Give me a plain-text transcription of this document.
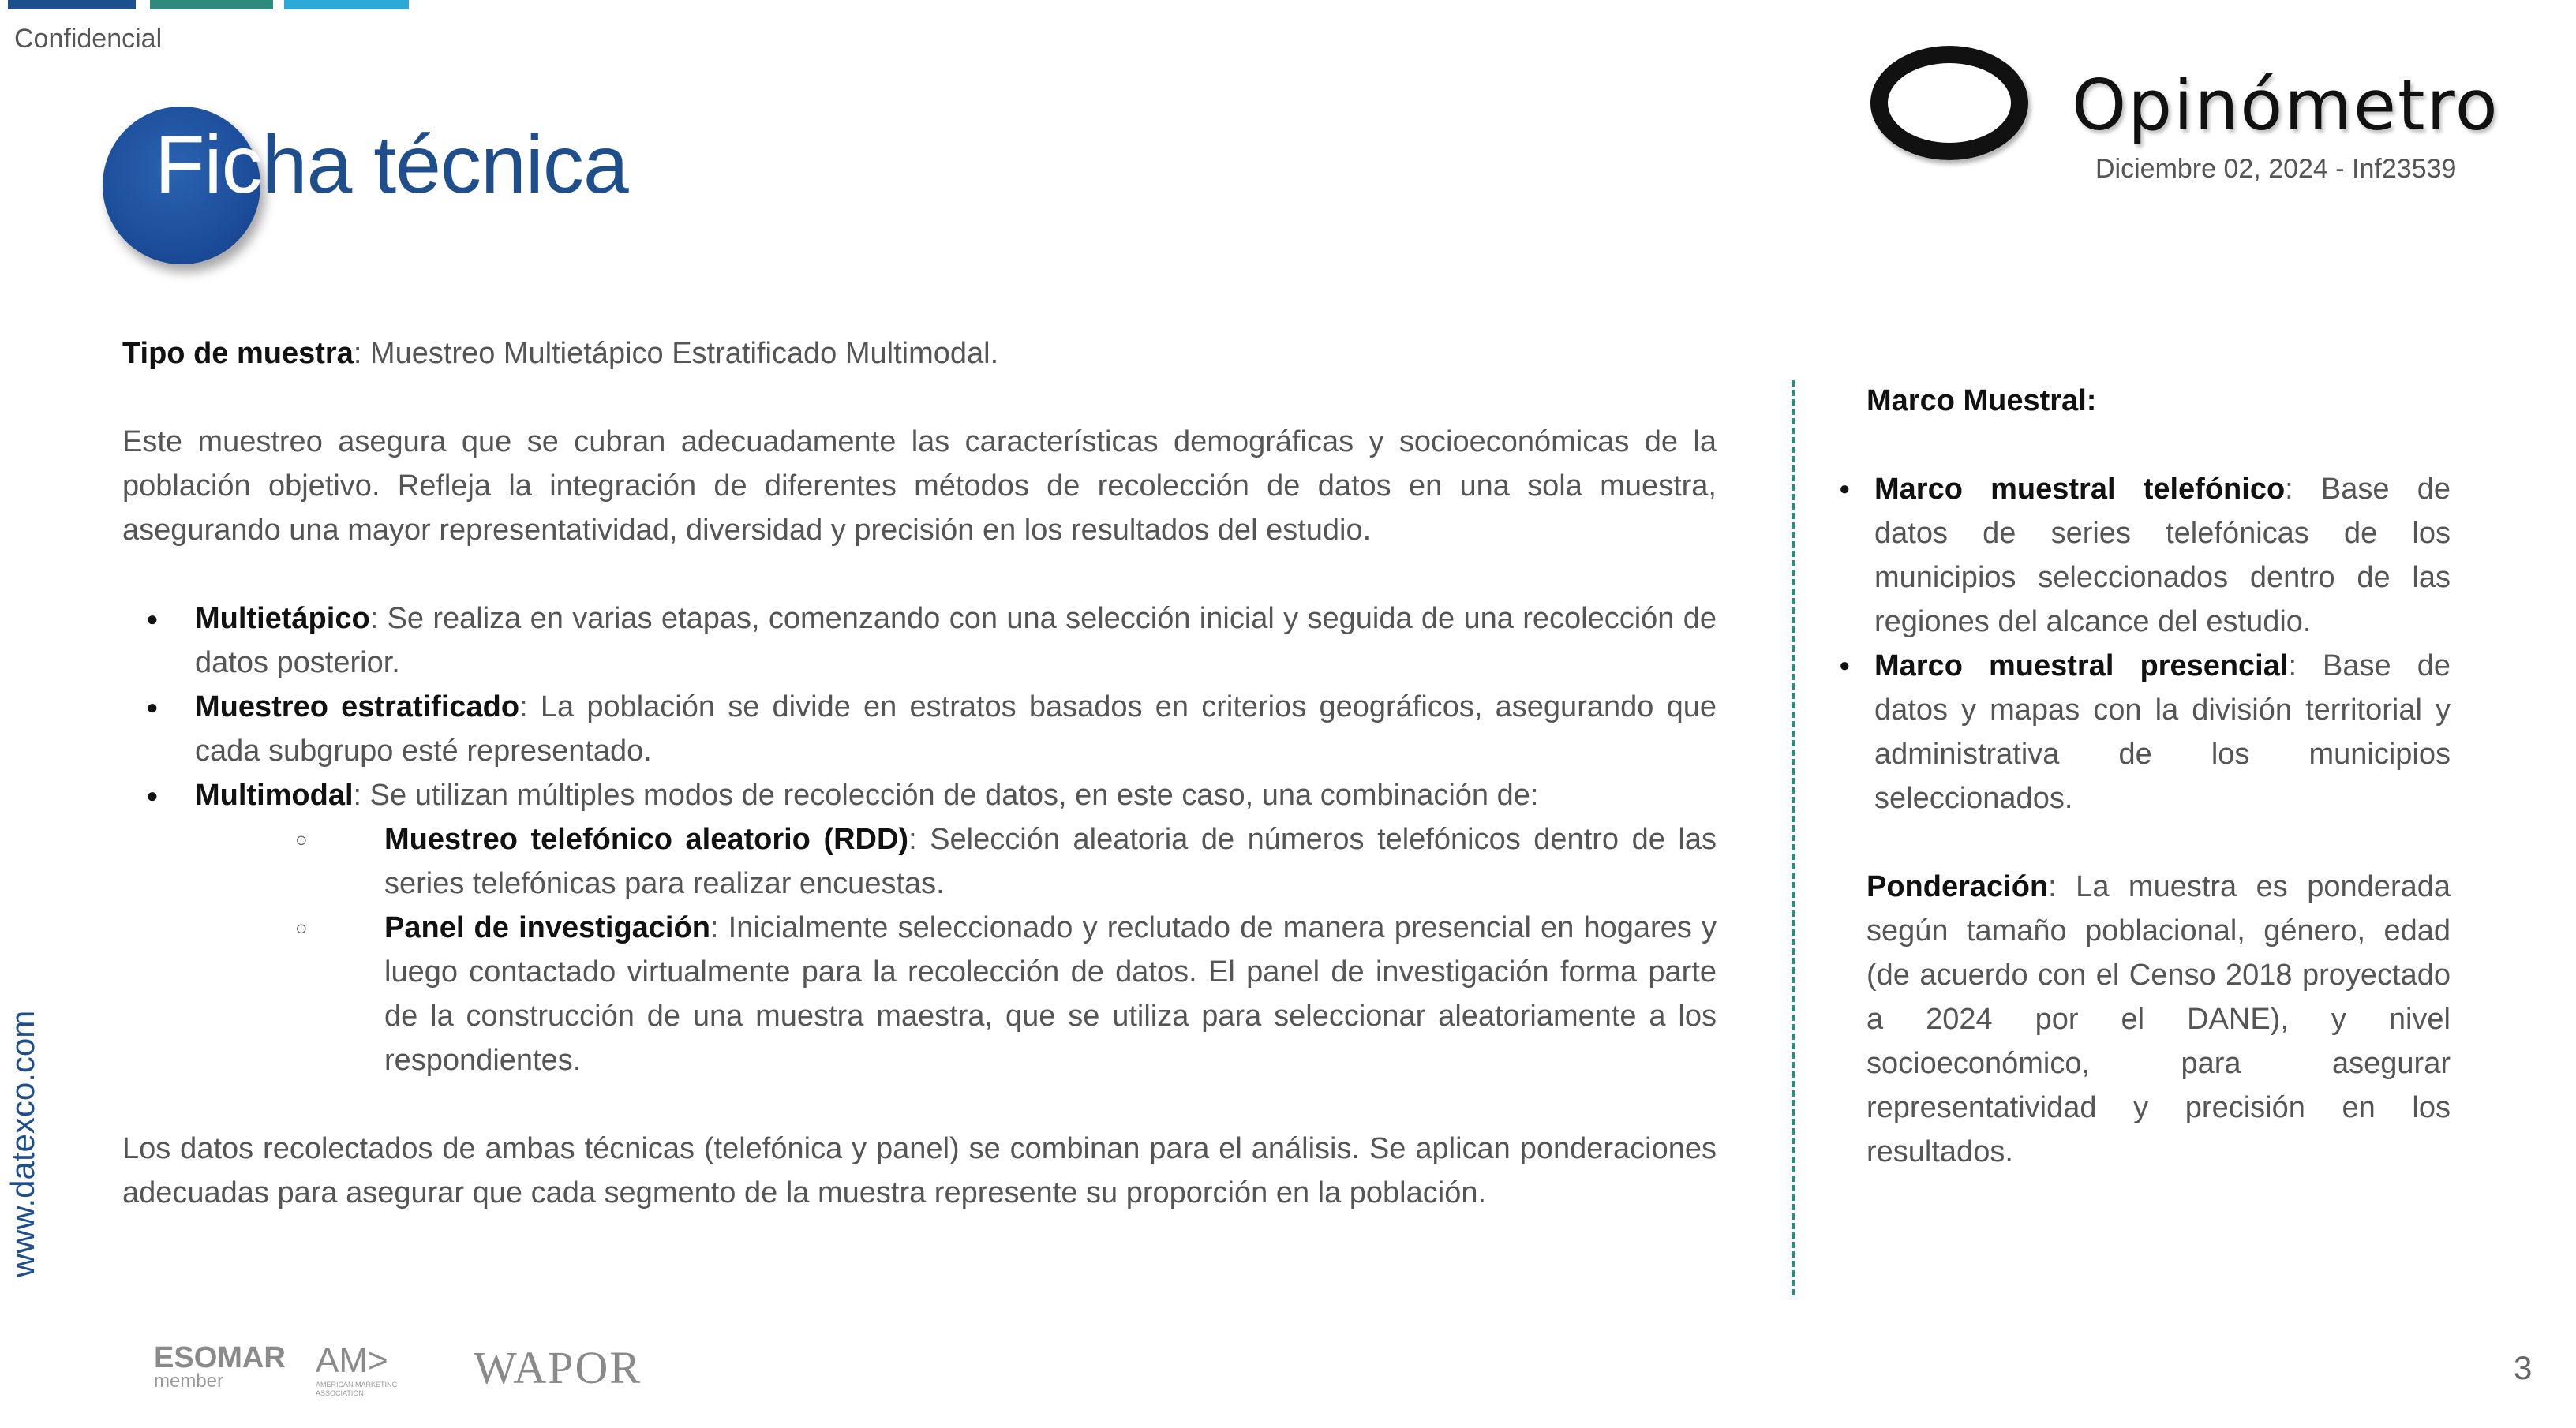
Confidencial
Ficha técnica
Opinómetro
Diciembre 02, 2024 - Inf23539

Tipo de muestra: Muestreo Multietápico Estratificado Multimodal.

Este muestreo asegura que se cubran adecuadamente las características demográficas y socioeconómicas de la población objetivo. Refleja la integración de diferentes métodos de recolección de datos en una sola muestra, asegurando una mayor representatividad, diversidad y precisión en los resultados del estudio.

● Multietápico: Se realiza en varias etapas, comenzando con una selección inicial y seguida de una recolección de datos posterior.
● Muestreo estratificado: La población se divide en estratos basados en criterios geográficos, asegurando que cada subgrupo esté representado.
● Multimodal: Se utilizan múltiples modos de recolección de datos, en este caso, una combinación de:
○ Muestreo telefónico aleatorio (RDD): Selección aleatoria de números telefónicos dentro de las series telefónicas para realizar encuestas.
○ Panel de investigación: Inicialmente seleccionado y reclutado de manera presencial en hogares y luego contactado virtualmente para la recolección de datos. El panel de investigación forma parte de la construcción de una muestra maestra, que se utiliza para seleccionar aleatoriamente a los respondientes.

Los datos recolectados de ambas técnicas (telefónica y panel) se combinan para el análisis. Se aplican ponderaciones adecuadas para asegurar que cada segmento de la muestra represente su proporción en la población.

Marco Muestral:

● Marco muestral telefónico: Base de datos de series telefónicas de los municipios seleccionados dentro de las regiones del alcance del estudio.
● Marco muestral presencial: Base de datos y mapas con la división territorial y administrativa de los municipios seleccionados.

Ponderación: La muestra es ponderada según tamaño poblacional, género, edad (de acuerdo con el Censo 2018 proyectado a 2024 por el DANE), y nivel socioeconómico, para asegurar representatividad y precisión en los resultados.

www.datexco.com
ESOMAR
member
AM>
AMERICAN MARKETING ASSOCIATION	WAPOR	3
